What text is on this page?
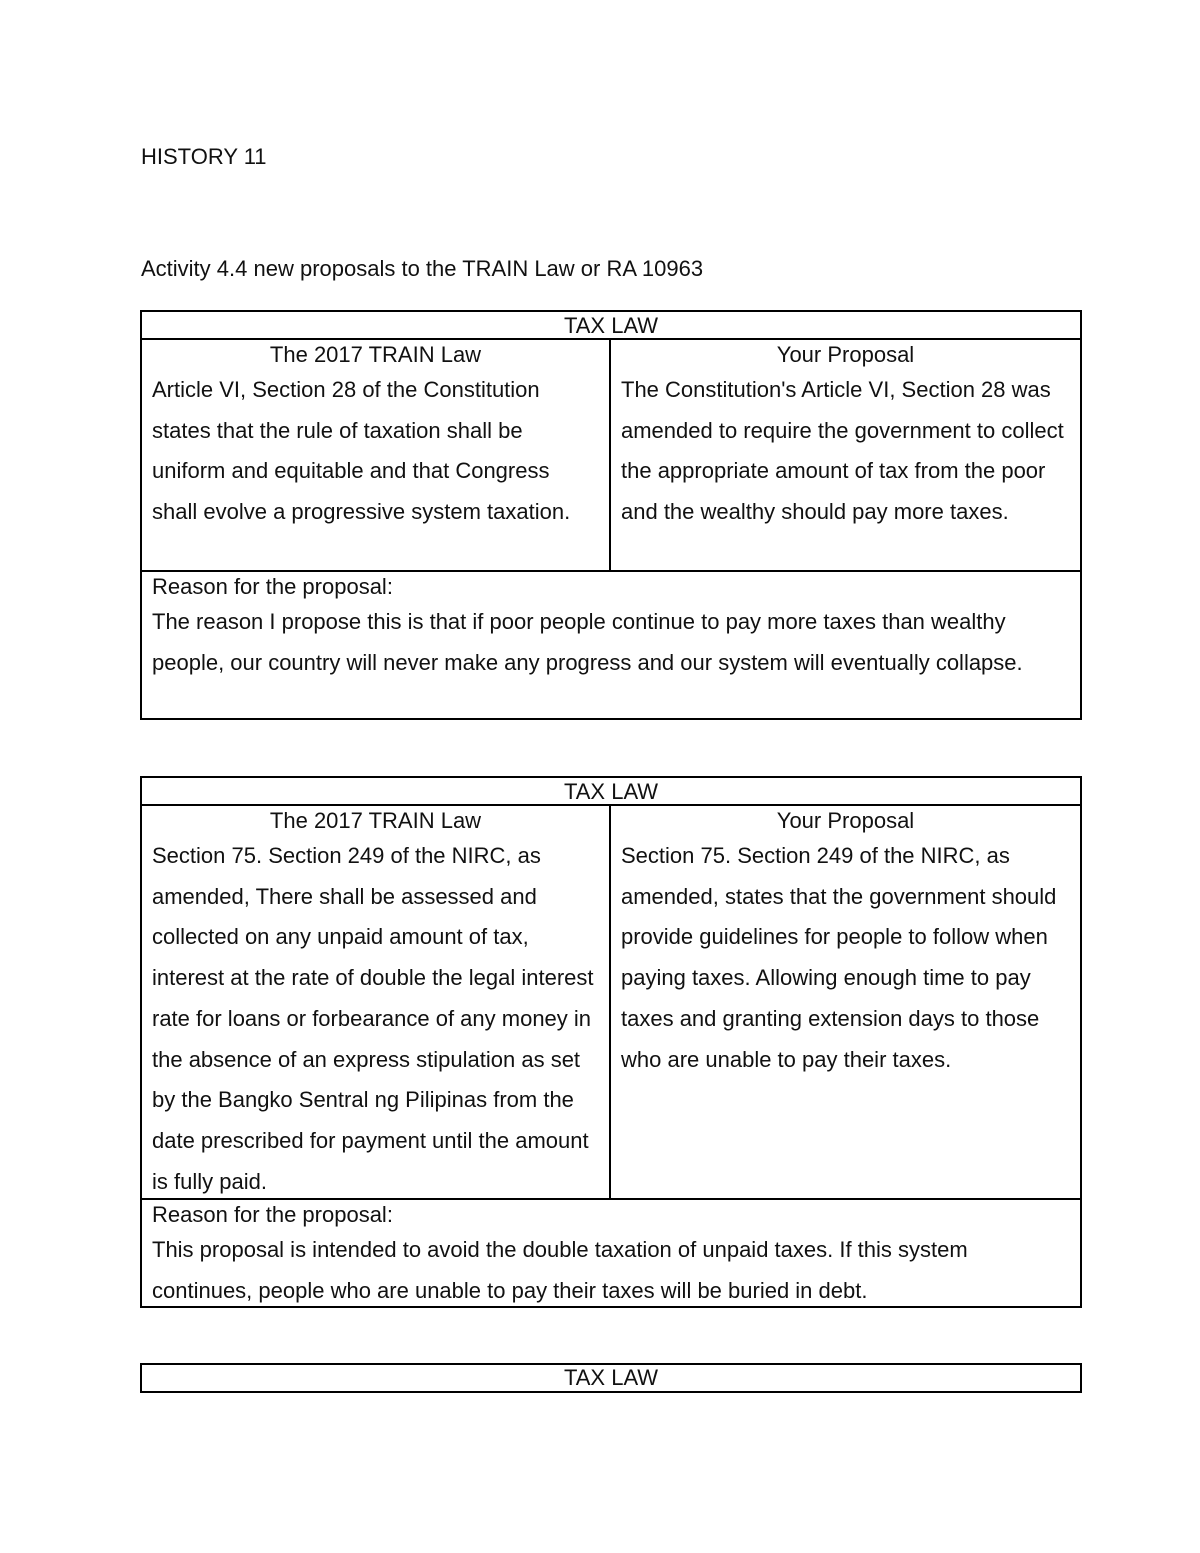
HISTORY 11
Activity 4.4 new proposals to the TRAIN Law or RA 10963
TAX LAW
The 2017 TRAIN Law
Article VI, Section 28 of the Constitution states that the rule of taxation shall be uniform and equitable and that Congress shall evolve a progressive system taxation.
Your Proposal
The Constitution's Article VI, Section 28 was amended to require the government to collect the appropriate amount of tax from the poor and the wealthy should pay more taxes.
Reason for the proposal:
The reason I propose this is that if poor people continue to pay more taxes than wealthy people, our country will never make any progress and our system will eventually collapse.
TAX LAW
The 2017 TRAIN Law
Section 75. Section 249 of the NIRC, as amended, There shall be assessed and collected on any unpaid amount of tax, interest at the rate of double the legal interest rate for loans or forbearance of any money in the absence of an express stipulation as set by the Bangko Sentral ng Pilipinas from the date prescribed for payment until the amount is fully paid.
Your Proposal
Section 75. Section 249 of the NIRC, as amended, states that the government should provide guidelines for people to follow when paying taxes. Allowing enough time to pay taxes and granting extension days to those who are unable to pay their taxes.
Reason for the proposal:
This proposal is intended to avoid the double taxation of unpaid taxes. If this system continues, people who are unable to pay their taxes will be buried in debt.
TAX LAW
